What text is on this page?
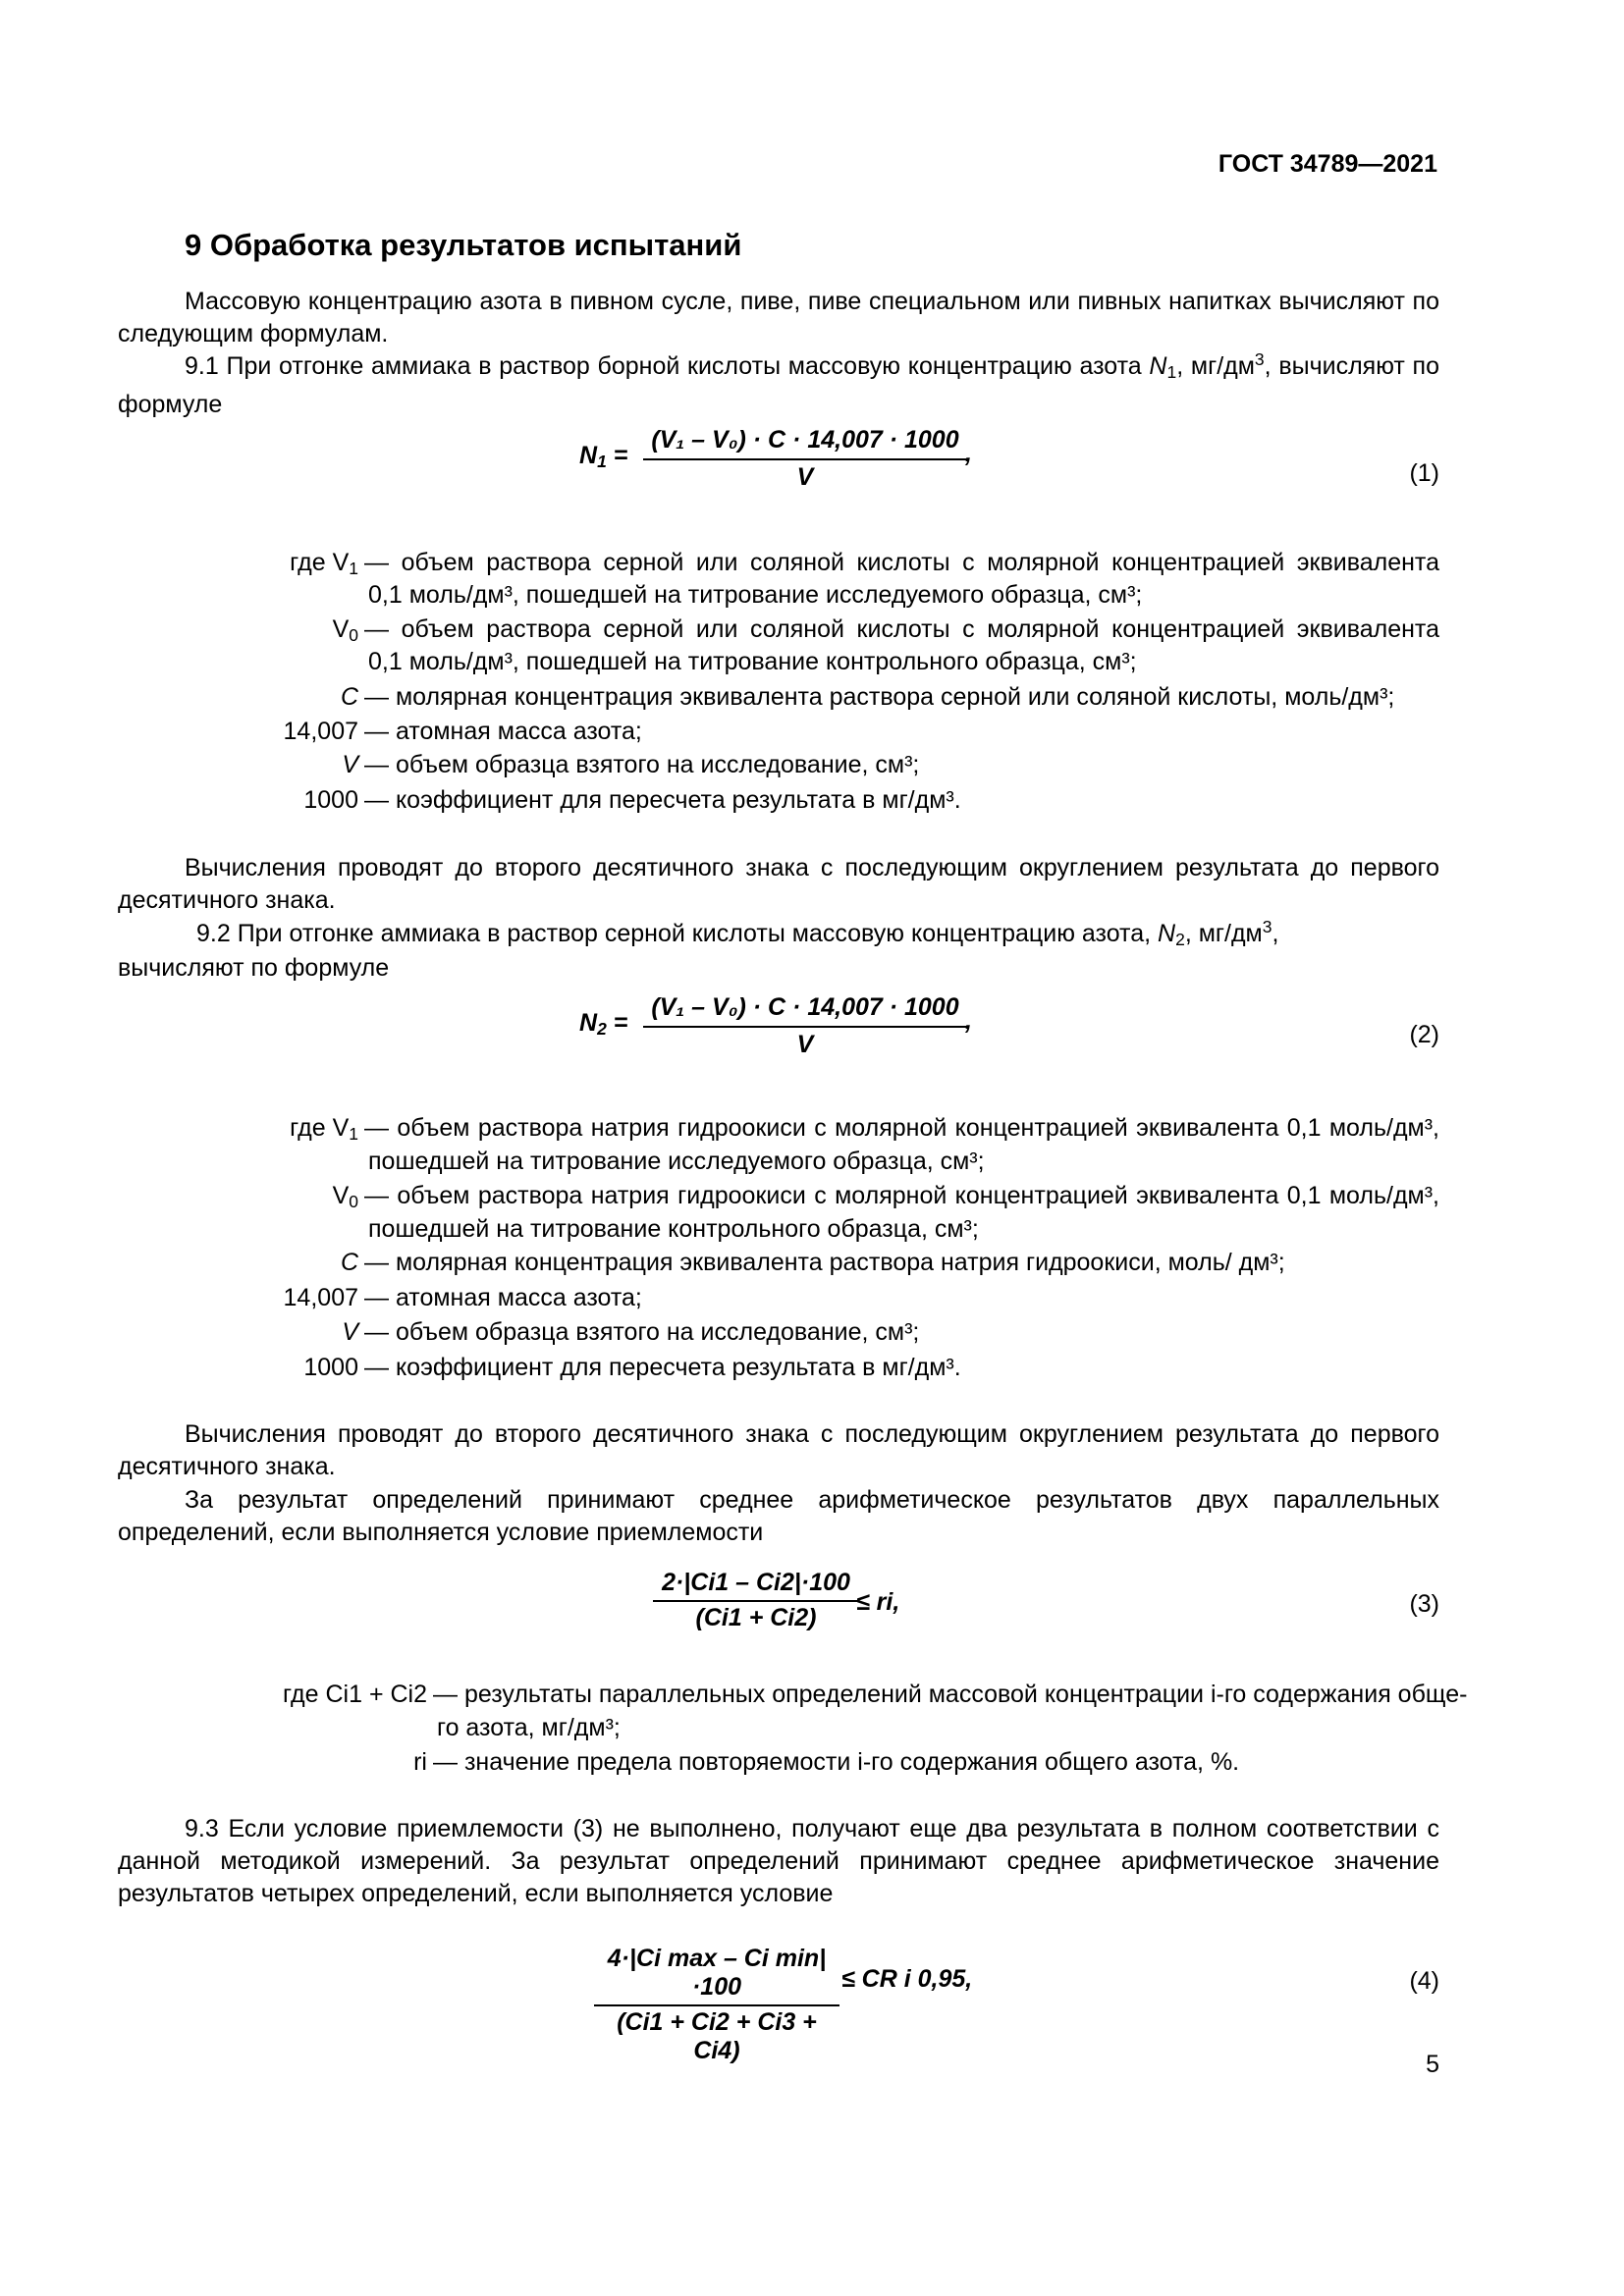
ГОСТ 34789—2021
9 Обработка результатов испытаний
Массовую концентрацию азота в пивном сусле, пиве, пиве специальном или пивных напитках вычисляют по следующим формулам.
9.1 При отгонке аммиака в раствор борной кислоты массовую концентрацию азота $N_1$, $мг/дм^3$, вычисляют по формуле
$N_1$ =
(V₁ – V₀) · C · 14,007 · 1000
V
,
(1)
где $V_1$ — объем раствора серной или соляной кислоты с молярной концентрацией эквивалента
0,1 моль/дм³, пошедшей на титрование исследуемого образца, см³;
$V_0$ — объем раствора серной или соляной кислоты с молярной концентрацией эквивалента
0,1 моль/дм³, пошедшей на титрование контрольного образца, см³;
C — молярная концентрация эквивалента раствора серной или соляной кислоты, моль/дм³;
14,007 — атомная масса азота;
V — объем образца взятого на исследование, см³;
1000 — коэффициент для пересчета результата в мг/дм³.
Вычисления проводят до второго десятичного знака с последующим округлением результата до первого десятичного знака.
9.2 При отгонке аммиака в раствор серной кислоты массовую концентрацию азота, $N_2$, $мг/дм^3$,
вычисляют по формуле
$N_2$ =
(V₁ – V₀) · C · 14,007 · 1000
V
,	(2)
где $V_1$ — объем раствора натрия гидроокиси с молярной концентрацией эквивалента 0,1 моль/дм³,
пошедшей на титрование исследуемого образца, см³;
$V_0$ — объем раствора натрия гидроокиси с молярной концентрацией эквивалента 0,1 моль/дм³,
пошедшей на титрование контрольного образца, см³;
C — молярная концентрация эквивалента раствора натрия гидроокиси, моль/ дм³;
14,007 — атомная масса азота;
V — объем образца взятого на исследование, см³;
1000 — коэффициент для пересчета результата в мг/дм³.
Вычисления проводят до второго десятичного знака с последующим округлением результата до первого десятичного знака.
За результат определений принимают среднее арифметическое результатов двух параллельных определений, если выполняется условие приемлемости
2·|Ci1 – Ci2|·100
(Ci1 + Ci2)
≤ ri,	(3)
где Ci1 + Ci2 — результаты параллельных определений массовой концентрации i-го содержания обще-
го азота, мг/дм³;
ri — значение предела повторяемости i-го содержания общего азота, %.
9.3 Если условие приемлемости (3) не выполнено, получают еще два результата в полном соответствии с данной методикой измерений. За результат определений принимают среднее арифметическое значение результатов четырех определений, если выполняется условие
4·|Ci max – Ci min|·100
(Ci1 + Ci2 + Ci3 + Ci4)
≤ CR i 0,95,	(4)
5
